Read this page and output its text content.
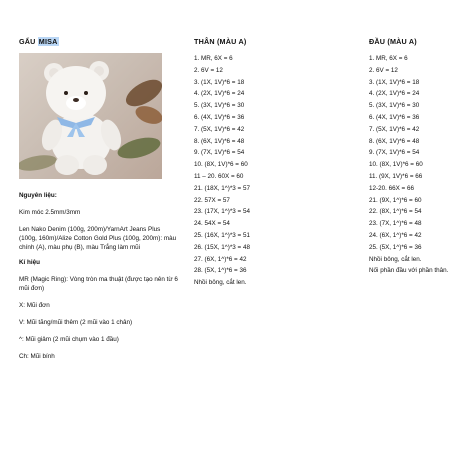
GẤU MISA
Nguyên liệu:
Kim móc 2.5mm/3mm
Len Nako Denim (100g, 200m)/YarnArt Jeans Plus (100g, 160m)/Alize Cotton Gold Plus (100g, 200m): màu chính (A), màu phụ (B), màu Trắng làm mũi
Kí hiệu
MR (Magic Ring): Vòng tròn ma thuật (được tạo nên từ 6 mũi đơn)
X: Mũi đơn
V: Mũi tăng/mũi thêm (2 mũi vào 1 chân)
^: Mũi giảm (2 mũi chụm vào 1 đầu)
Ch: Mũi bính
THÂN (MÀU A)
1. MR, 6X = 6
2. 6V = 12
3. (1X, 1V)*6 = 18
4. (2X, 1V)*6 = 24
5. (3X, 1V)*6 = 30
6. (4X, 1V)*6 = 36
7. (5X, 1V)*6 = 42
8. (6X, 1V)*6 = 48
9. (7X, 1V)*6 = 54
10. (8X, 1V)*6 = 60
11 – 20. 60X = 60
21. (18X, 1^)*3 = 57
22. 57X = 57
23. (17X, 1^)*3 = 54
24. 54X = 54
25. (16X, 1^)*3 = 51
26. (15X, 1^)*3 = 48
27. (6X, 1^)*6 = 42
28. (5X, 1^)*6 = 36
Nhồi bông, cắt len.
ĐẦU (MÀU A)
1. MR, 6X = 6
2. 6V = 12
3. (1X, 1V)*6 = 18
4. (2X, 1V)*6 = 24
5. (3X, 1V)*6 = 30
6. (4X, 1V)*6 = 36
7. (5X, 1V)*6 = 42
8. (6X, 1V)*6 = 48
9. (7X, 1V)*6 = 54
10. (8X, 1V)*6 = 60
11. (9X, 1V)*6 = 66
12-20. 66X = 66
21. (9X, 1^)*6 = 60
22. (8X, 1^)*6 = 54
23. (7X, 1^)*6 = 48
24. (6X, 1^)*6 = 42
25. (5X, 1^)*6 = 36
Nhồi bông, cắt len.
Nối phần đầu với phần thân.
